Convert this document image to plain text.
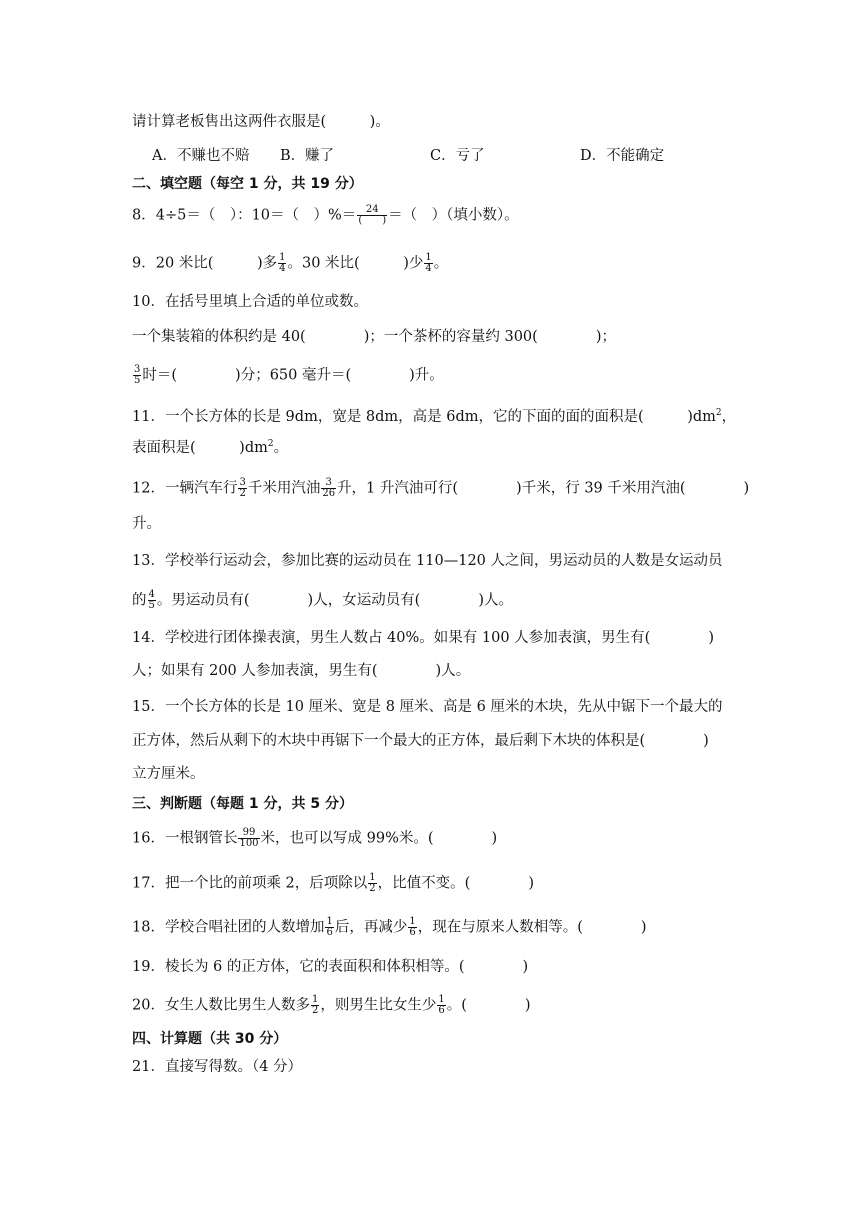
请计算老板售出这两件衣服是(　　　)。
A．不赚也不赔 B．赚了	C．亏了	D．不能确定
二、填空题（每空 1 分，共 19 分）
8．4÷5＝（　）：10＝（　）%＝ $\frac{24}{( )}$ ＝（　）（填小数）。
9．20 米比(　　　)多 $\frac{1}{4}$ 。30 米比(　　　)少 $\frac{1}{4}$ 。
10．在括号里填上合适的单位或数。
一个集装箱的体积约是 40(　　　　)；一个茶杯的容量约 300(　　　　)；
$\frac{3}{5}$ 时＝(　　　　)分；650 毫升＝(　　　　)升。
11．一个长方体的长是 9dm，宽是 8dm，高是 6dm，它的下面的面的面积是(　　　)$dm^2$，
表面积是(　　　)$dm^2$。
12．一辆汽车行 $\frac{3}{2}$ 千米用汽油 $\frac{3}{26}$ 升，1 升汽油可行(　　　　)千米，行 39 千米用汽油(　　　　)
升。
13．学校举行运动会，参加比赛的运动员在 110—120 人之间，男运动员的人数是女运动员
的 $\frac{4}{5}$ 。男运动员有(　　　　)人，女运动员有(　　　　)人。
14．学校进行团体操表演，男生人数占 40%。如果有 100 人参加表演，男生有(　　　　)
人；如果有 200 人参加表演，男生有(　　　　)人。
15．一个长方体的长是 10 厘米、宽是 8 厘米、高是 6 厘米的木块，先从中锯下一个最大的
正方体，然后从剩下的木块中再锯下一个最大的正方体，最后剩下木块的体积是(　　　　)
立方厘米。
三、判断题（每题 1 分，共 5 分）
16．一根钢管长 $\frac{99}{100}$ 米，也可以写成 99%米。(　　　　)
17．把一个比的前项乘 2，后项除以 $\frac{1}{2}$ ，比值不变。(　　　　)
18．学校合唱社团的人数增加 $\frac{1}{6}$ 后，再减少 $\frac{1}{6}$ ，现在与原来人数相等。(　　　　)
19．棱长为 6 的正方体，它的表面积和体积相等。(　　　　)
20．女生人数比男生人数多 $\frac{1}{2}$ ，则男生比女生少 $\frac{1}{6}$ 。(　　　　)
四、计算题（共 30 分）
21．直接写得数。（4 分）
